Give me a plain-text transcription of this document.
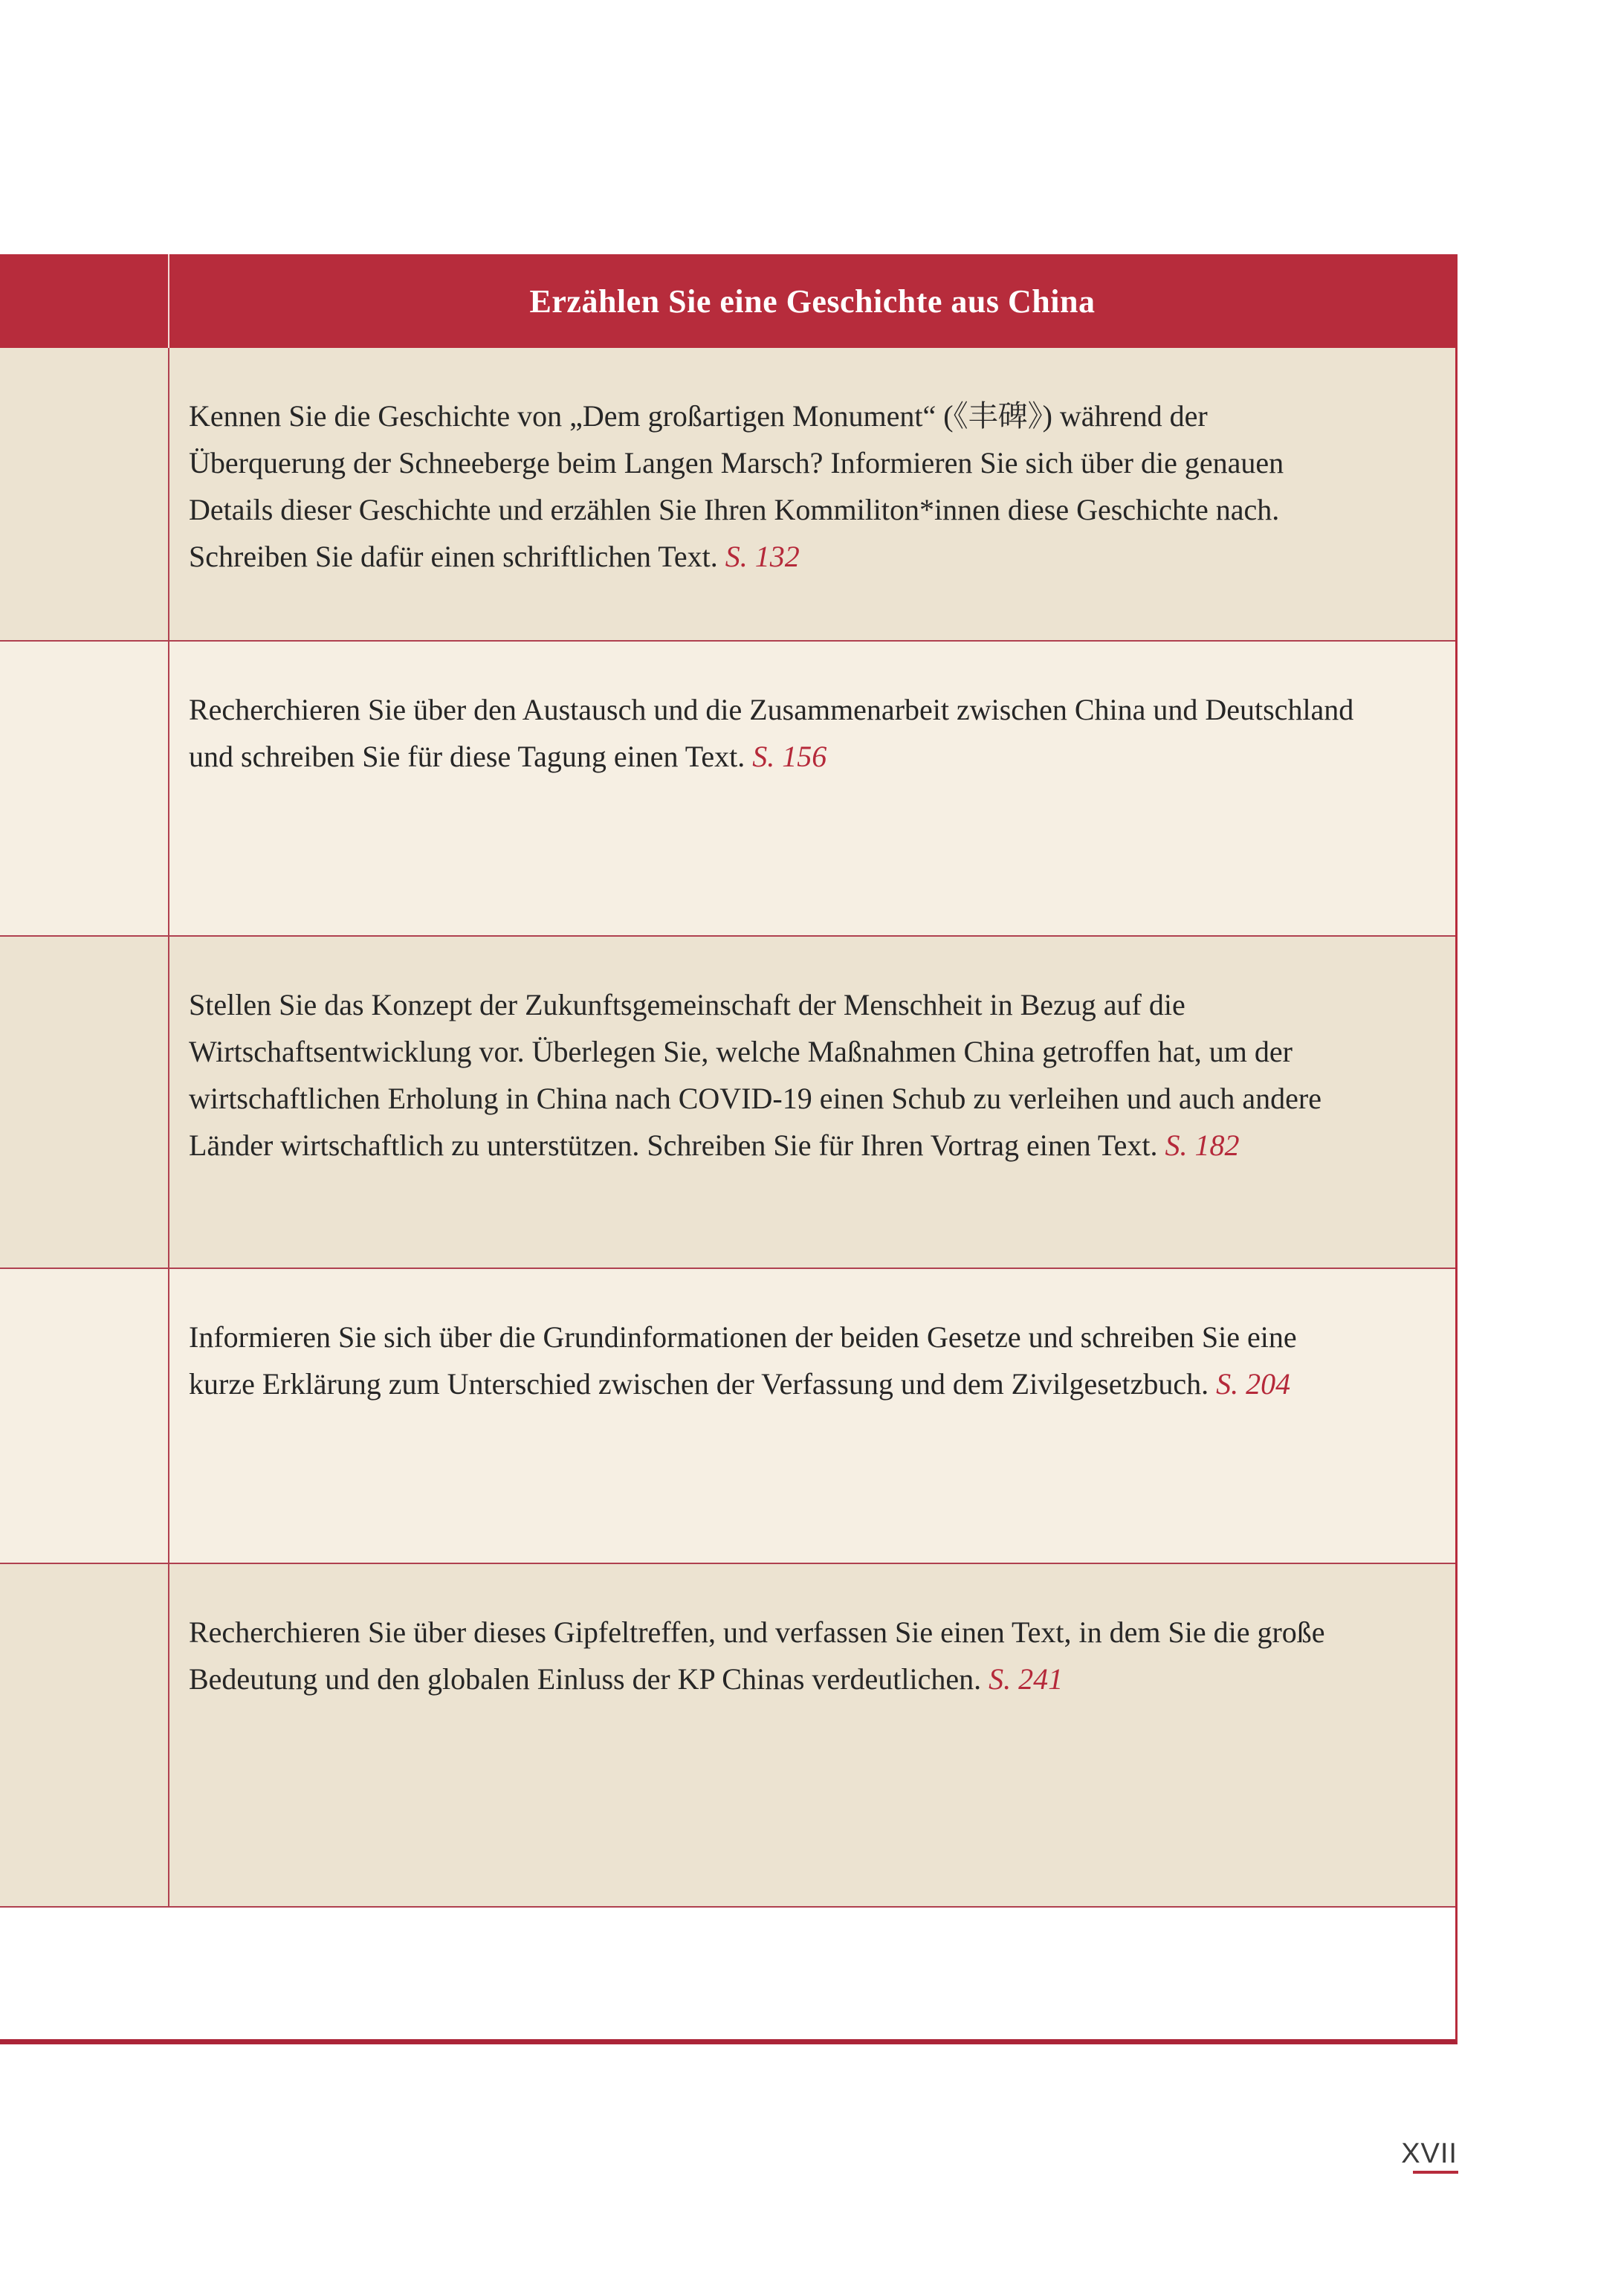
Erzählen Sie eine Geschichte aus China
Kennen Sie die Geschichte von „Dem großartigen Monument“ (《丰碑》) während der Überquerung der Schneeberge beim Langen Marsch? Informieren Sie sich über die genauen Details dieser Geschichte und erzählen Sie Ihren Kommiliton*innen diese Geschichte nach. Schreiben Sie dafür einen schriftlichen Text. S. 132
Recherchieren Sie über den Austausch und die Zusammenarbeit zwischen China und Deutschland und schreiben Sie für diese Tagung einen Text. S. 156
Stellen Sie das Konzept der Zukunftsgemeinschaft der Menschheit in Bezug auf die Wirtschaftsentwicklung vor. Überlegen Sie, welche Maßnahmen China getroffen hat, um der wirtschaftlichen Erholung in China nach COVID-19 einen Schub zu verleihen und auch andere Länder wirtschaftlich zu unterstützen. Schreiben Sie für Ihren Vortrag einen Text. S. 182
Informieren Sie sich über die Grundinformationen der beiden Gesetze und schreiben Sie eine kurze Erklärung zum Unterschied zwischen der Verfassung und dem Zivilgesetzbuch. S. 204
Recherchieren Sie über dieses Gipfeltreffen, und verfassen Sie einen Text, in dem Sie die große Bedeutung und den globalen Einluss der KP Chinas verdeutlichen. S. 241
XVII
